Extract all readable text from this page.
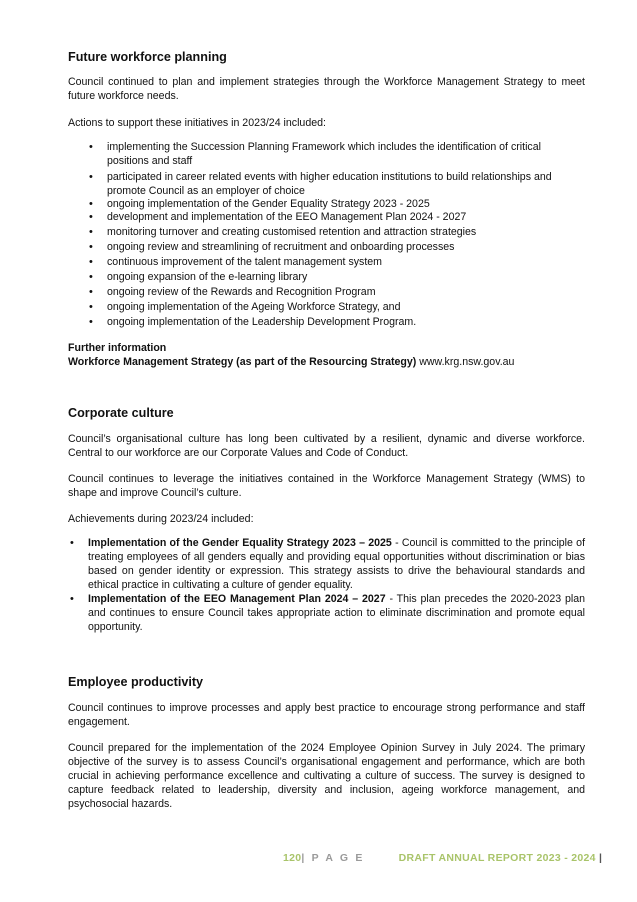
Future workforce planning

Council continued to plan and implement strategies through the Workforce Management Strategy to meet future workforce needs.

Actions to support these initiatives in 2023/24 included:

• implementing the Succession Planning Framework which includes the identification of critical positions and staff
• participated in career related events with higher education institutions to build relationships and promote Council as an employer of choice
• ongoing implementation of the Gender Equality Strategy 2023 - 2025
• development and implementation of the EEO Management Plan 2024 - 2027
• monitoring turnover and creating customised retention and attraction strategies
• ongoing review and streamlining of recruitment and onboarding processes
• continuous improvement of the talent management system
• ongoing expansion of the e-learning library
• ongoing review of the Rewards and Recognition Program
• ongoing implementation of the Ageing Workforce Strategy, and
• ongoing implementation of the Leadership Development Program.
Further information
Workforce Management Strategy (as part of the Resourcing Strategy) www.krg.nsw.gov.au
Corporate culture

Council’s organisational culture has long been cultivated by a resilient, dynamic and diverse workforce. Central to our workforce are our Corporate Values and Code of Conduct.

Council continues to leverage the initiatives contained in the Workforce Management Strategy (WMS) to shape and improve Council’s culture.

Achievements during 2023/24 included:

• Implementation of the Gender Equality Strategy 2023 – 2025 - Council is committed to the principle of treating employees of all genders equally and providing equal opportunities without discrimination or bias based on gender identity or expression. This strategy assists to drive the behavioural standards and ethical practice in cultivating a culture of gender equality.
• Implementation of the EEO Management Plan 2024 – 2027 - This plan precedes the 2020-2023 plan and continues to ensure Council takes appropriate action to eliminate discrimination and promote equal opportunity.
Employee productivity

Council continues to improve processes and apply best practice to encourage strong performance and staff engagement.

Council prepared for the implementation of the 2024 Employee Opinion Survey in July 2024. The primary objective of the survey is to assess Council’s organisational engagement and performance, which are both crucial in achieving performance excellence and cultivating a culture of success. The survey is designed to capture feedback related to leadership, diversity and inclusion, ageing workforce management, and psychosocial hazards.

120| P A G E	DRAFT ANNUAL REPORT 2023 - 2024 |
